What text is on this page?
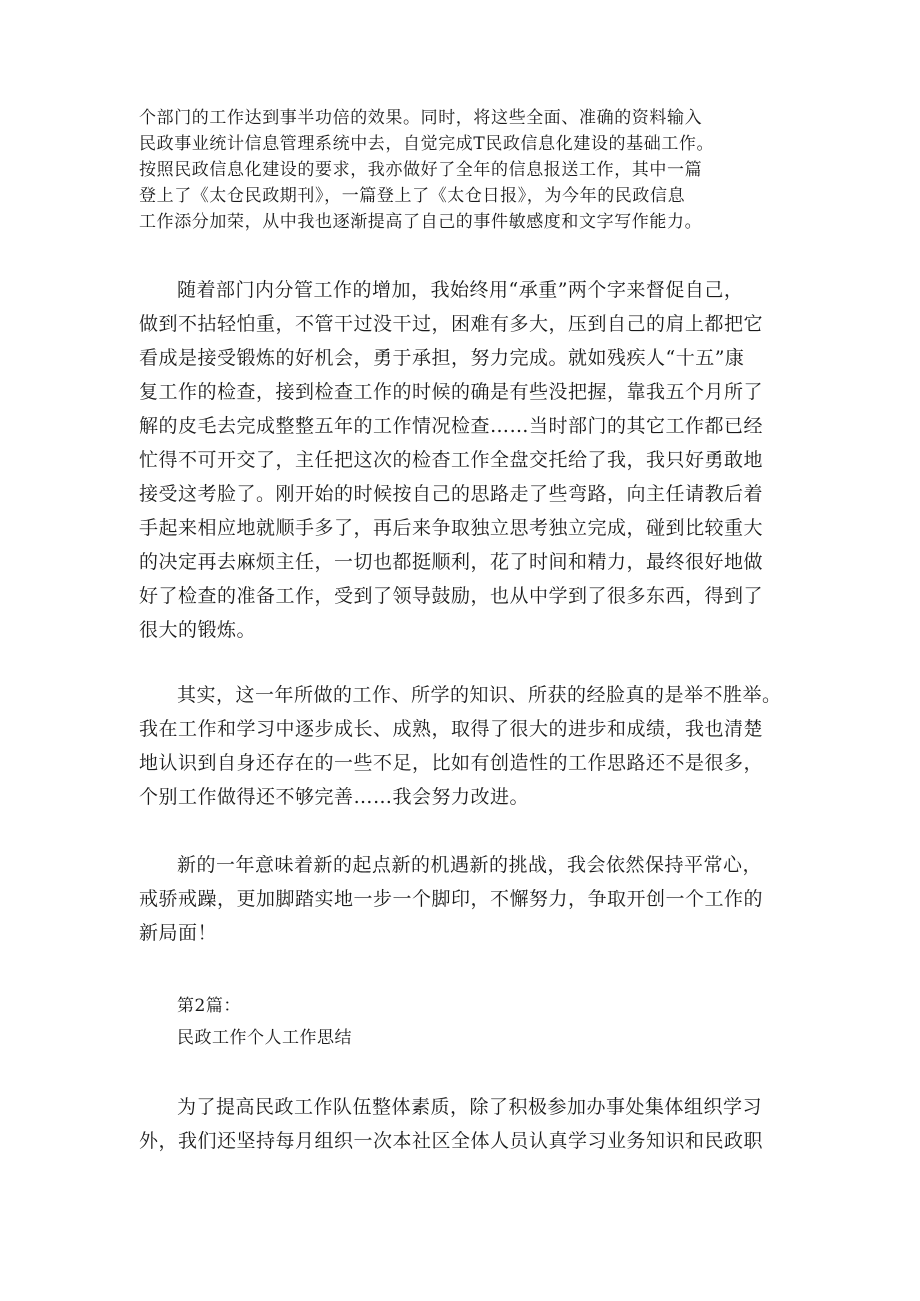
个部门的工作达到事半功倍的效果。同时，将这些全面、准确的资料输入

民政事业统计信息管理系统中去，自觉完成T民政信息化建设的基础工作。

按照民政信息化建设的要求，我亦做好了全年的信息报送工作，其中一篇

登上了《太仓民政期刊》，一篇登上了《太仓日报》，为今年的民政信息

工作添分加荣，从中我也逐渐提高了自己的事件敏感度和文字写作能力。

随着部门内分管工作的增加，我始终用“承重”两个字来督促自己，

做到不拈轻怕重，不管干过没干过，困难有多大，压到自己的肩上都把它

看成是接受锻炼的好机会，勇于承担，努力完成。就如残疾人“十五”康

复工作的检查，接到检查工作的时候的确是有些没把握，靠我五个月所了

解的皮毛去完成整整五年的工作情况检查……当时部门的其它工作都已经

忙得不可开交了，主任把这次的检杳工作全盘交托给了我，我只好勇敢地

接受这考脸了。刚开始的时候按自己的思路走了些弯路，向主任请教后着

手起来相应地就顺手多了，再后来争取独立思考独立完成，碰到比较重大

的决定再去麻烦主任，一切也都挺顺利，花了时间和精力，最终很好地做

好了检查的准备工作，受到了领导鼓励，也从中学到了很多东西，得到了

很大的锻炼。

其实，这一年所做的工作、所学的知识、所获的经脸真的是举不胜举。

我在工作和学习中逐步成长、成熟，取得了很大的进步和成绩，我也清楚

地认识到自身还存在的一些不足，比如有创造性的工作思路还不是很多，

个别工作做得还不够完善……我会努力改进。

新的一年意味着新的起点新的机遇新的挑战，我会依然保持平常心，

戒骄戒躁，更加脚踏实地一步一个脚印，不懈努力，争取开创一个工作的

新局面！

第2篇：

民政工作个人工作思结

为了提高民政工作队伍整体素质，除了积极参加办事处集体组织学习

外，我们还坚持每月组织一次本社区全体人员认真学习业务知识和民政职
